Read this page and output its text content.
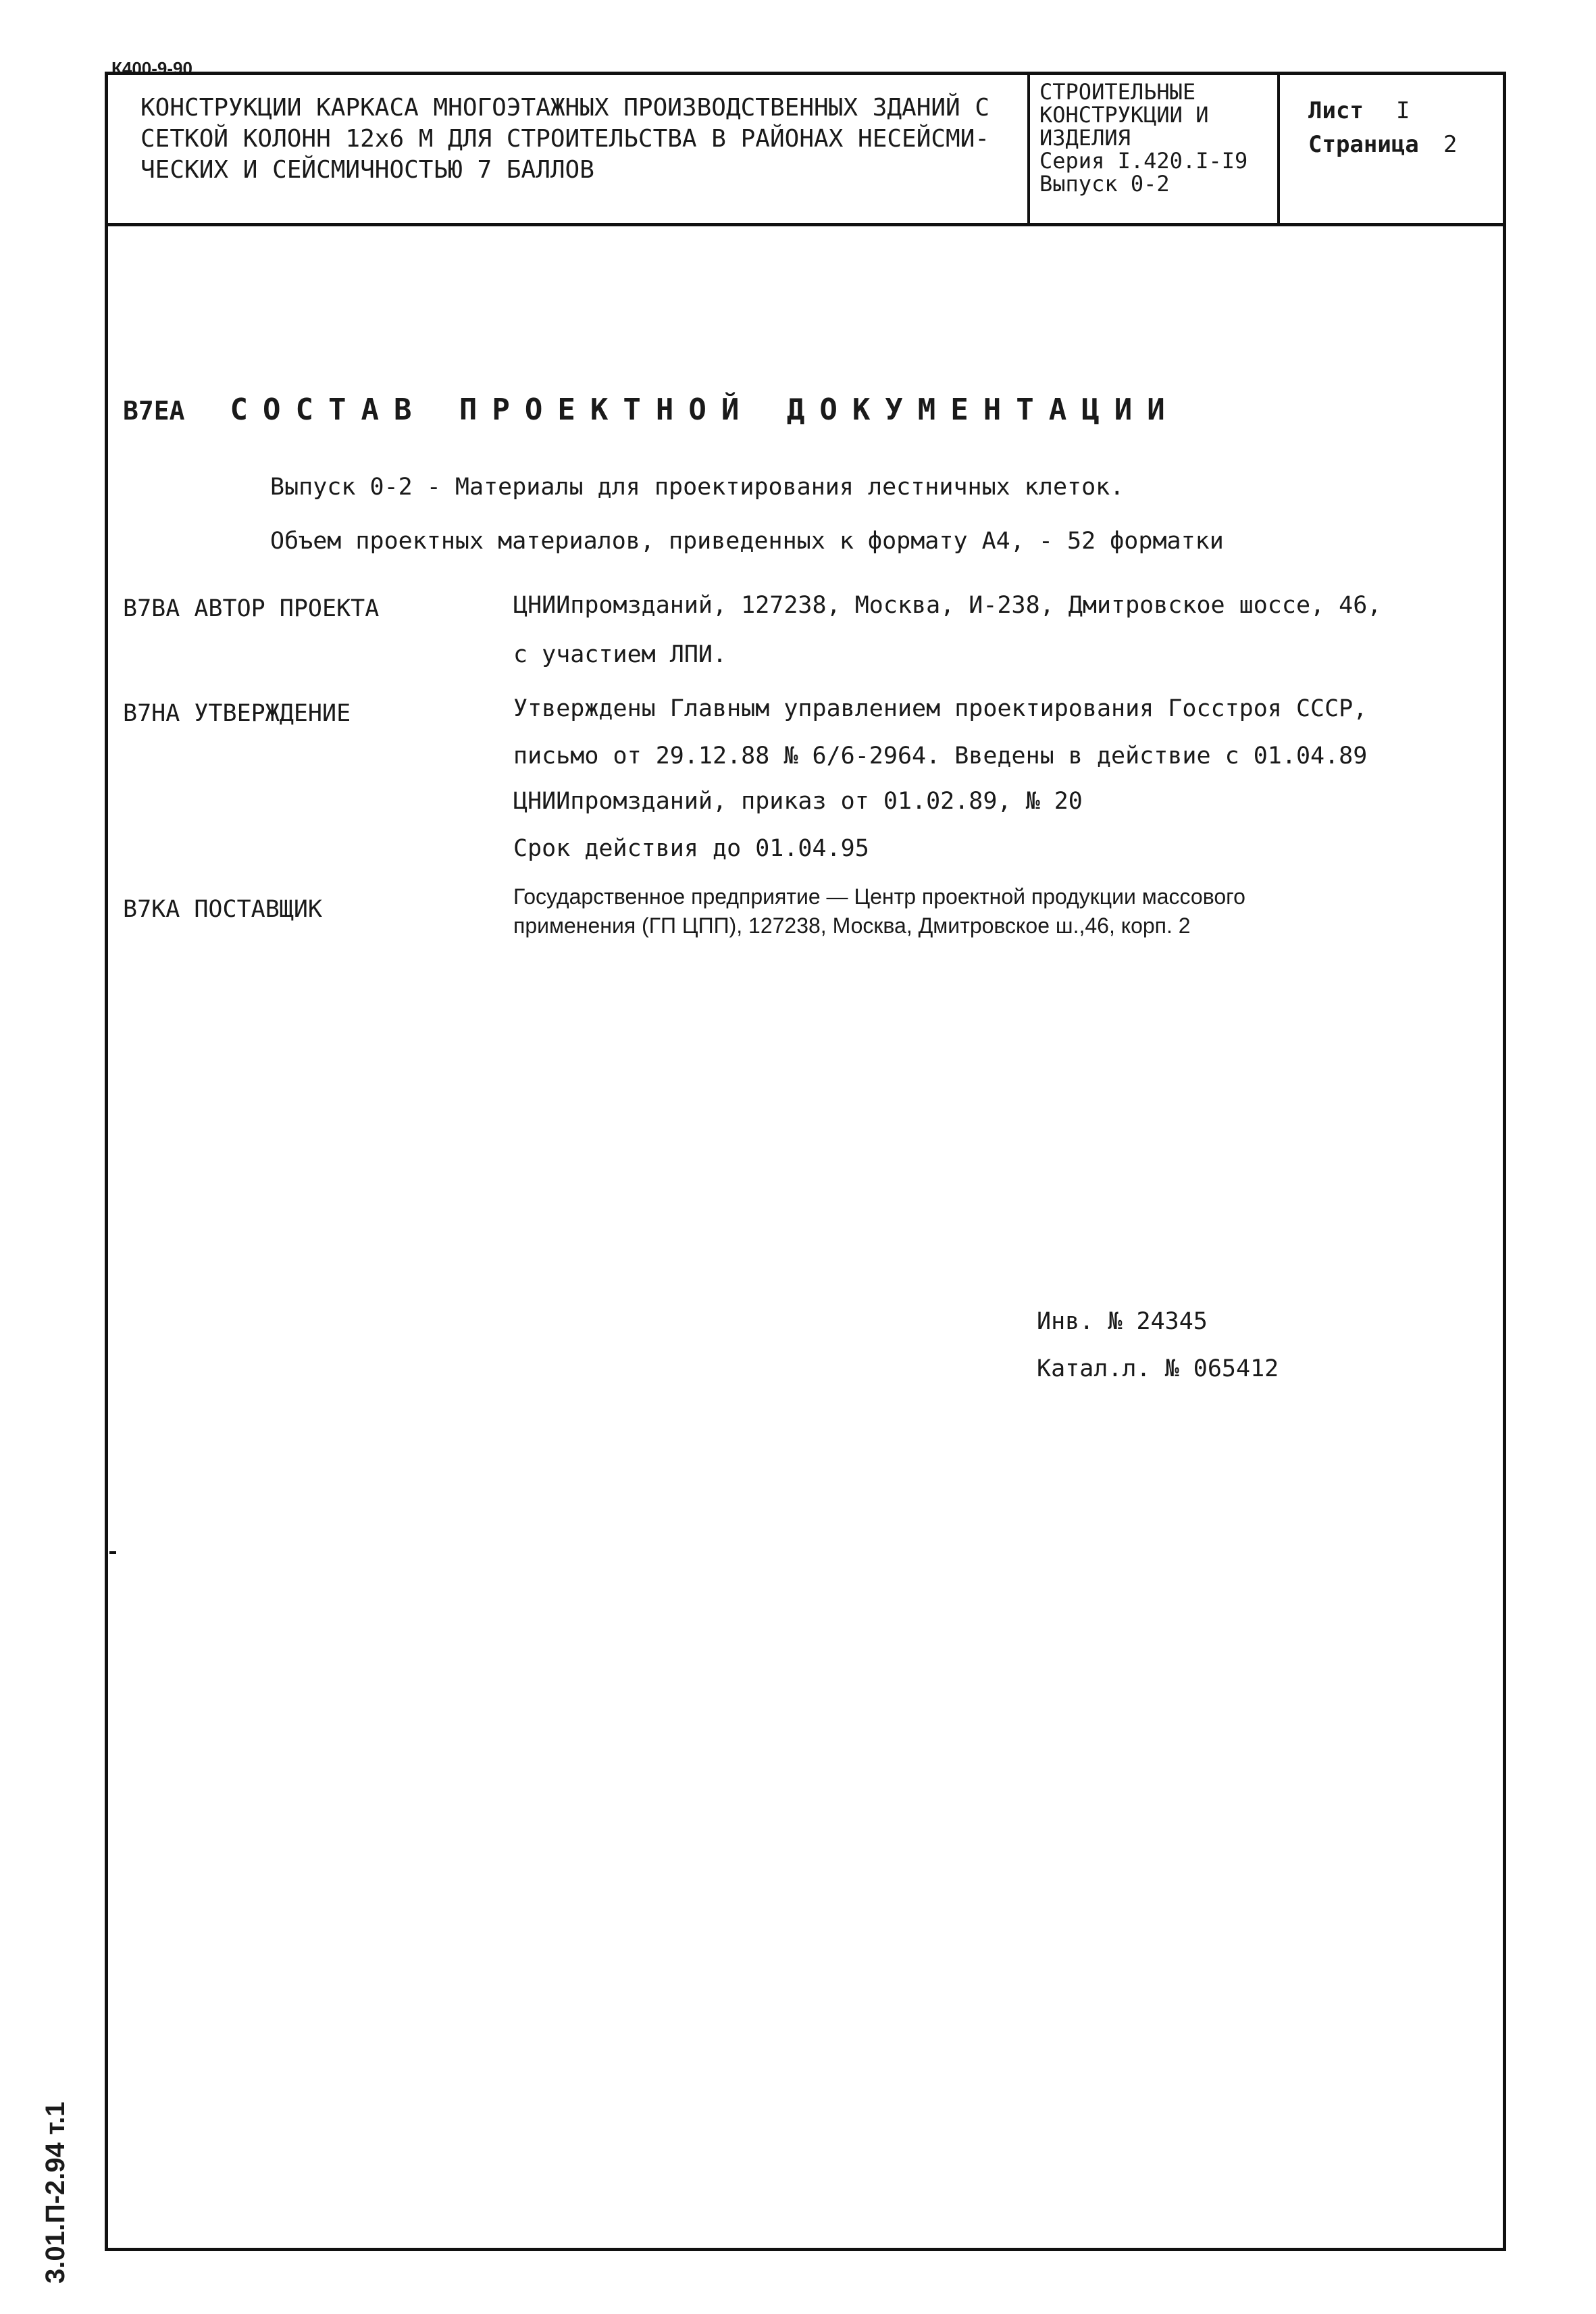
К400-9-90
КОНСТРУКЦИИ КАРКАСА МНОГОЭТАЖНЫХ ПРОИЗВОДСТВЕННЫХ ЗДАНИЙ С
СЕТКОЙ КОЛОНН 12x6 М ДЛЯ СТРОИТЕЛЬСТВА В РАЙОНАХ НЕСЕЙСМИ-
ЧЕСКИХ И СЕЙСМИЧНОСТЬЮ 7 БАЛЛОВ
СТРОИТЕЛЬНЫЕ
КОНСТРУКЦИИ И
ИЗДЕЛИЯ
Серия I.420.I-I9
Выпуск 0-2
Лист	I
Страница	2
В7ЕА СОСТАВ ПРОЕКТНОЙ ДОКУМЕНТАЦИИ
Выпуск 0-2 - Материалы для проектирования лестничных клеток.
Объем проектных материалов, приведенных к формату А4, - 52 форматки
В7ВА АВТОР ПРОЕКТА	ЦНИИпромзданий, 127238, Москва, И-238, Дмитровское шоссе, 46,
с участием ЛПИ.
В7НА УТВЕРЖДЕНИЕ	Утверждены Главным управлением проектирования Госстроя СССР,
письмо от 29.12.88 № 6/6-2964. Введены в действие с 01.04.89
ЦНИИпромзданий, приказ от 01.02.89, № 20
Срок действия до 01.04.95
В7КА ПОСТАВЩИК	Государственное предприятие — Центр проектной продукции массового
применения (ГП ЦПП), 127238, Москва, Дмитровское ш.,46, корп. 2
Инв. № 24345
Катал.л. № 065412
3.01.П-2.94 т.1
